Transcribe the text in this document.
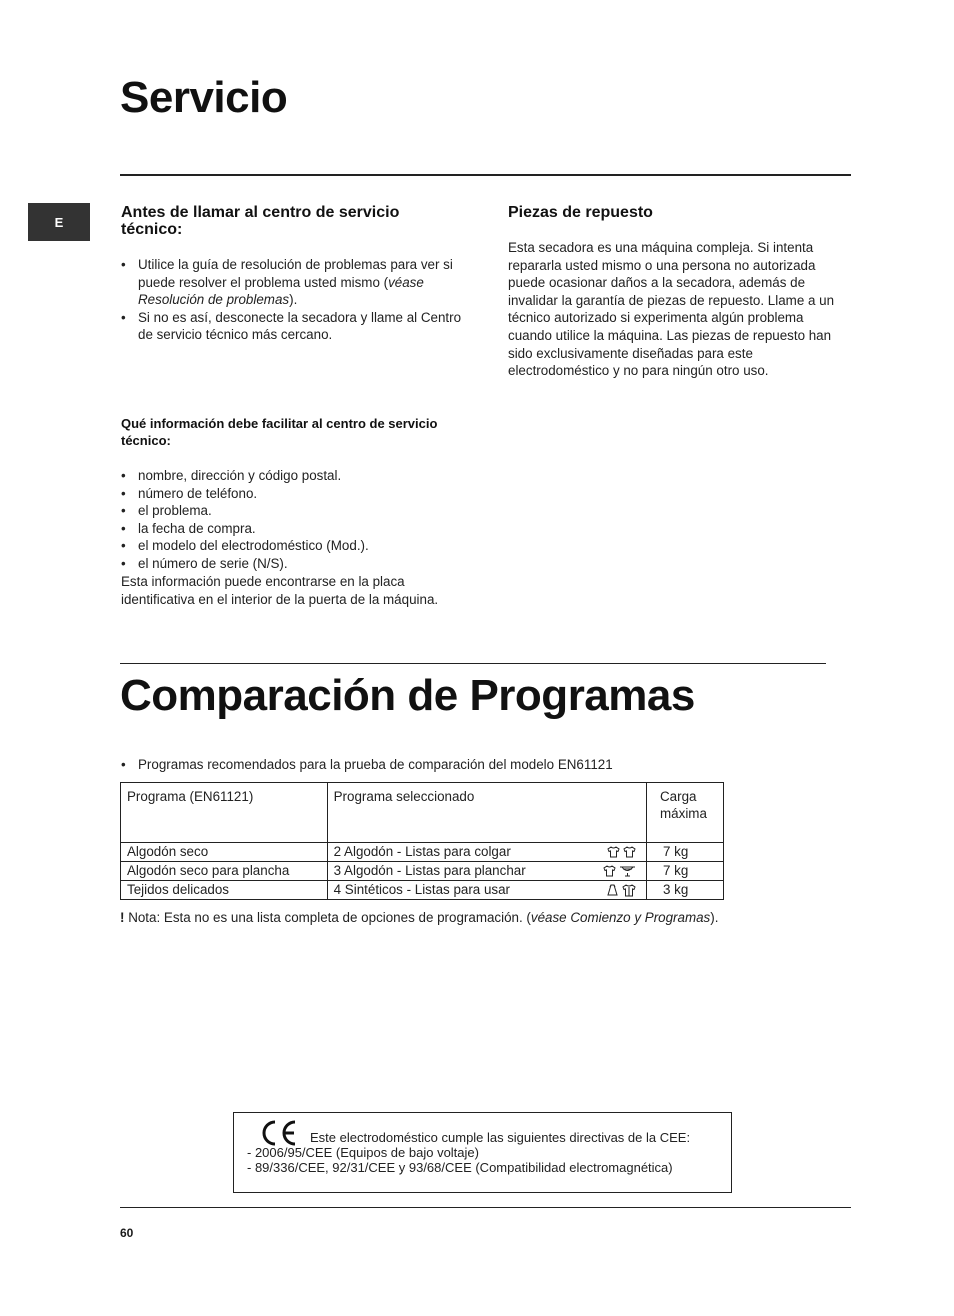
Servicio
E
Antes de llamar al centro de servicio técnico:
• Utilice la guía de resolución de problemas para ver si puede resolver el problema usted mismo (véase Resolución de problemas).
• Si no es así, desconecte la secadora y llame al Centro de servicio técnico más cercano.
Piezas de repuesto
Esta secadora es una máquina compleja. Si intenta repararla usted mismo o una persona no autorizada puede ocasionar daños a la secadora, además de invalidar la garantía de piezas de repuesto. Llame a un técnico autorizado si experimenta algún problema cuando utilice la máquina. Las piezas de repuesto han sido exclusivamente diseñadas para este electrodoméstico y no para ningún otro uso.
Qué información debe facilitar al centro de servicio técnico:
• nombre, dirección y código postal.
• número de teléfono.
• el problema.
• la fecha de compra.
• el modelo del electrodoméstico (Mod.).
• el número de serie (N/S).
Esta información puede encontrarse en la placa identificativa en el interior de la puerta de la máquina.
Comparación de Programas
• Programas recomendados para la prueba de comparación del modelo EN61121
Programa (EN61121)	Programa seleccionado	Carga máxima
Algodón seco	2 Algodón - Listas para colgar	7 kg
Algodón seco para plancha	3 Algodón - Listas para planchar	7 kg
Tejidos delicados	4 Sintéticos - Listas para usar	3 kg
! Nota: Esta no es una lista completa de opciones de programación. (véase Comienzo y Programas).
Este electrodoméstico cumple las siguientes directivas de la CEE:
- 2006/95/CEE (Equipos de bajo voltaje)
- 89/336/CEE, 92/31/CEE y 93/68/CEE (Compatibilidad electromagnética)
60
